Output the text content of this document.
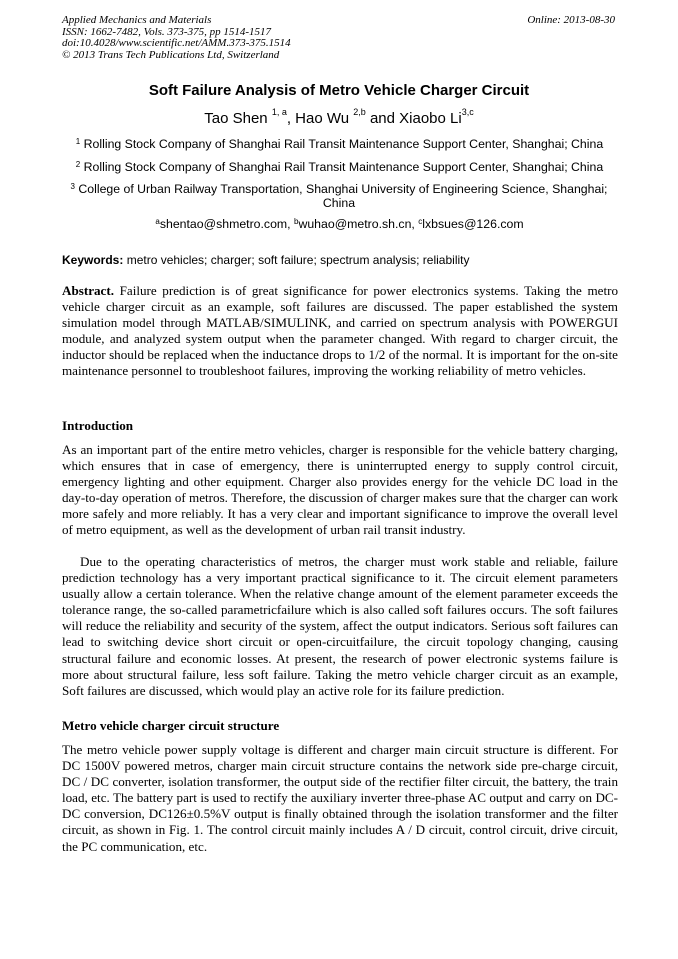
Applied Mechanics and Materials
ISSN: 1662-7482, Vols. 373-375, pp 1514-1517
doi:10.4028/www.scientific.net/AMM.373-375.1514
© 2013 Trans Tech Publications Ltd, Switzerland
Online: 2013-08-30
Soft Failure Analysis of Metro Vehicle Charger Circuit
Tao Shen $^{1, a}$, Hao Wu $^{2,b}$ and Xiaobo Li$^{3,c}$
$^1$ Rolling Stock Company of Shanghai Rail Transit Maintenance Support Center, Shanghai; China
$^2$ Rolling Stock Company of Shanghai Rail Transit Maintenance Support Center, Shanghai; China
$^3$ College of Urban Railway Transportation, Shanghai University of Engineering Science, Shanghai; China
$^a$shentao@shmetro.com, $^b$wuhao@metro.sh.cn, $^c$lxbsues@126.com
Keywords: metro vehicles; charger; soft failure; spectrum analysis; reliability
Abstract. Failure prediction is of great significance for power electronics systems. Taking the metro vehicle charger circuit as an example, soft failures are discussed. The paper established the system simulation model through MATLAB/SIMULINK, and carried on spectrum analysis with POWERGUI module, and analyzed system output when the parameter changed. With regard to charger circuit, the inductor should be replaced when the inductance drops to 1/2 of the normal. It is important for the on-site maintenance personnel to troubleshoot failures, improving the working reliability of metro vehicles.
Introduction
As an important part of the entire metro vehicles, charger is responsible for the vehicle battery charging, which ensures that in case of emergency, there is uninterrupted energy to supply control circuit, emergency lighting and other equipment. Charger also provides energy for the vehicle DC load in the day-to-day operation of metros. Therefore, the discussion of charger makes sure that the charger can work more safely and more reliably. It has a very clear and important significance to improve the overall level of metro equipment, as well as the development of urban rail transit industry.
Due to the operating characteristics of metros, the charger must work stable and reliable, failure prediction technology has a very important practical significance to it. The circuit element parameters usually allow a certain tolerance. When the relative change amount of the element parameter exceeds the tolerance range, the so-called parametricfailure which is also called soft failures occurs. The soft failures will reduce the reliability and security of the system, affect the output indicators. Serious soft failures can lead to switching device short circuit or open-circuitfailure, the circuit topology changing, causing structural failure and economic losses. At present, the research of power electronic systems failure is more about structural failure, less soft failure. Taking the metro vehicle charger circuit as an example, Soft failures are discussed, which would play an active role for its failure prediction.
Metro vehicle charger circuit structure
The metro vehicle power supply voltage is different and charger main circuit structure is different. For DC 1500V powered metros, charger main circuit structure contains the network side pre-charge circuit, DC / DC converter, isolation transformer, the output side of the rectifier filter circuit, the battery, the train load, etc. The battery part is used to rectify the auxiliary inverter three-phase AC output and carry on DC-DC conversion, DC126±0.5%V output is finally obtained through the isolation transformer and the filter circuit, as shown in Fig. 1. The control circuit mainly includes A / D circuit, control circuit, drive circuit, the PC communication, etc.
